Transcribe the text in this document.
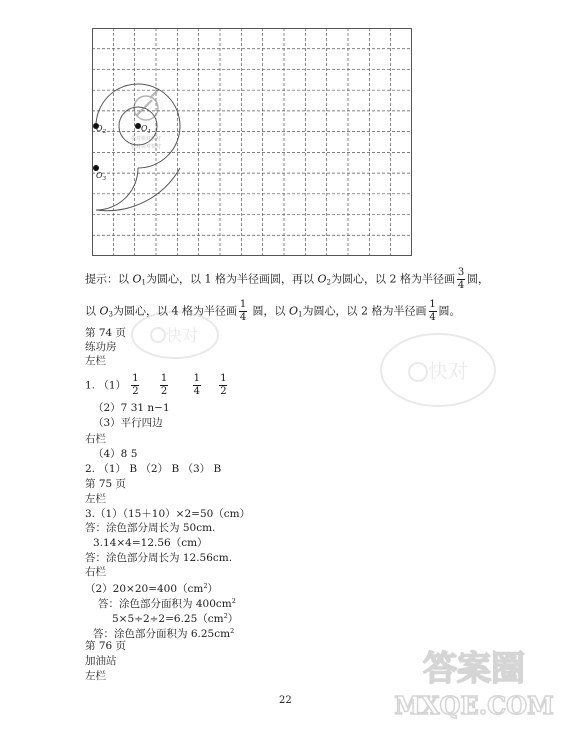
快对快对快对
快对快对快对
$O_1$
$O_2$
$O_3$
提示：以 $O_1$为圆心，以 1 格为半径画圆，再以 $O_2$为圆心，以 2 格为半径画 $\frac{3}{4}$ 圆，
以 $O_3$为圆心，以 4 格为半径画 $\frac{1}{4}$ 圆，以 $O_1$为圆心，以 2 格为半径画 $\frac{1}{4}$ 圆。
第 74 页
练功房
左栏
1. $(1) \frac{1}{2}$
$\frac{1}{2}$
$\frac{1}{4}$
$\frac{1}{2}$
（2）7 31 n−1
（3）平行四边
右栏
（4）8 5
2. （1） B （2） B （3） B
第 75 页
左栏
3.（1）（15＋10）×2=50（cm）
答：涂色部分周长为 50cm.
3.14×4=12.56（cm）
答：涂色部分周长为 12.56cm.
右栏
$(2)20\times 20=400(cm^2)$
答：涂色部分面积为 $400cm^2$
$5\times 5\div 2\div 2=6.25(cm^2)$
答：涂色部分面积为 $6.25cm^2$
第 76 页
加油站
左栏
22
快对
快对
答案圈
MXQE.COM
